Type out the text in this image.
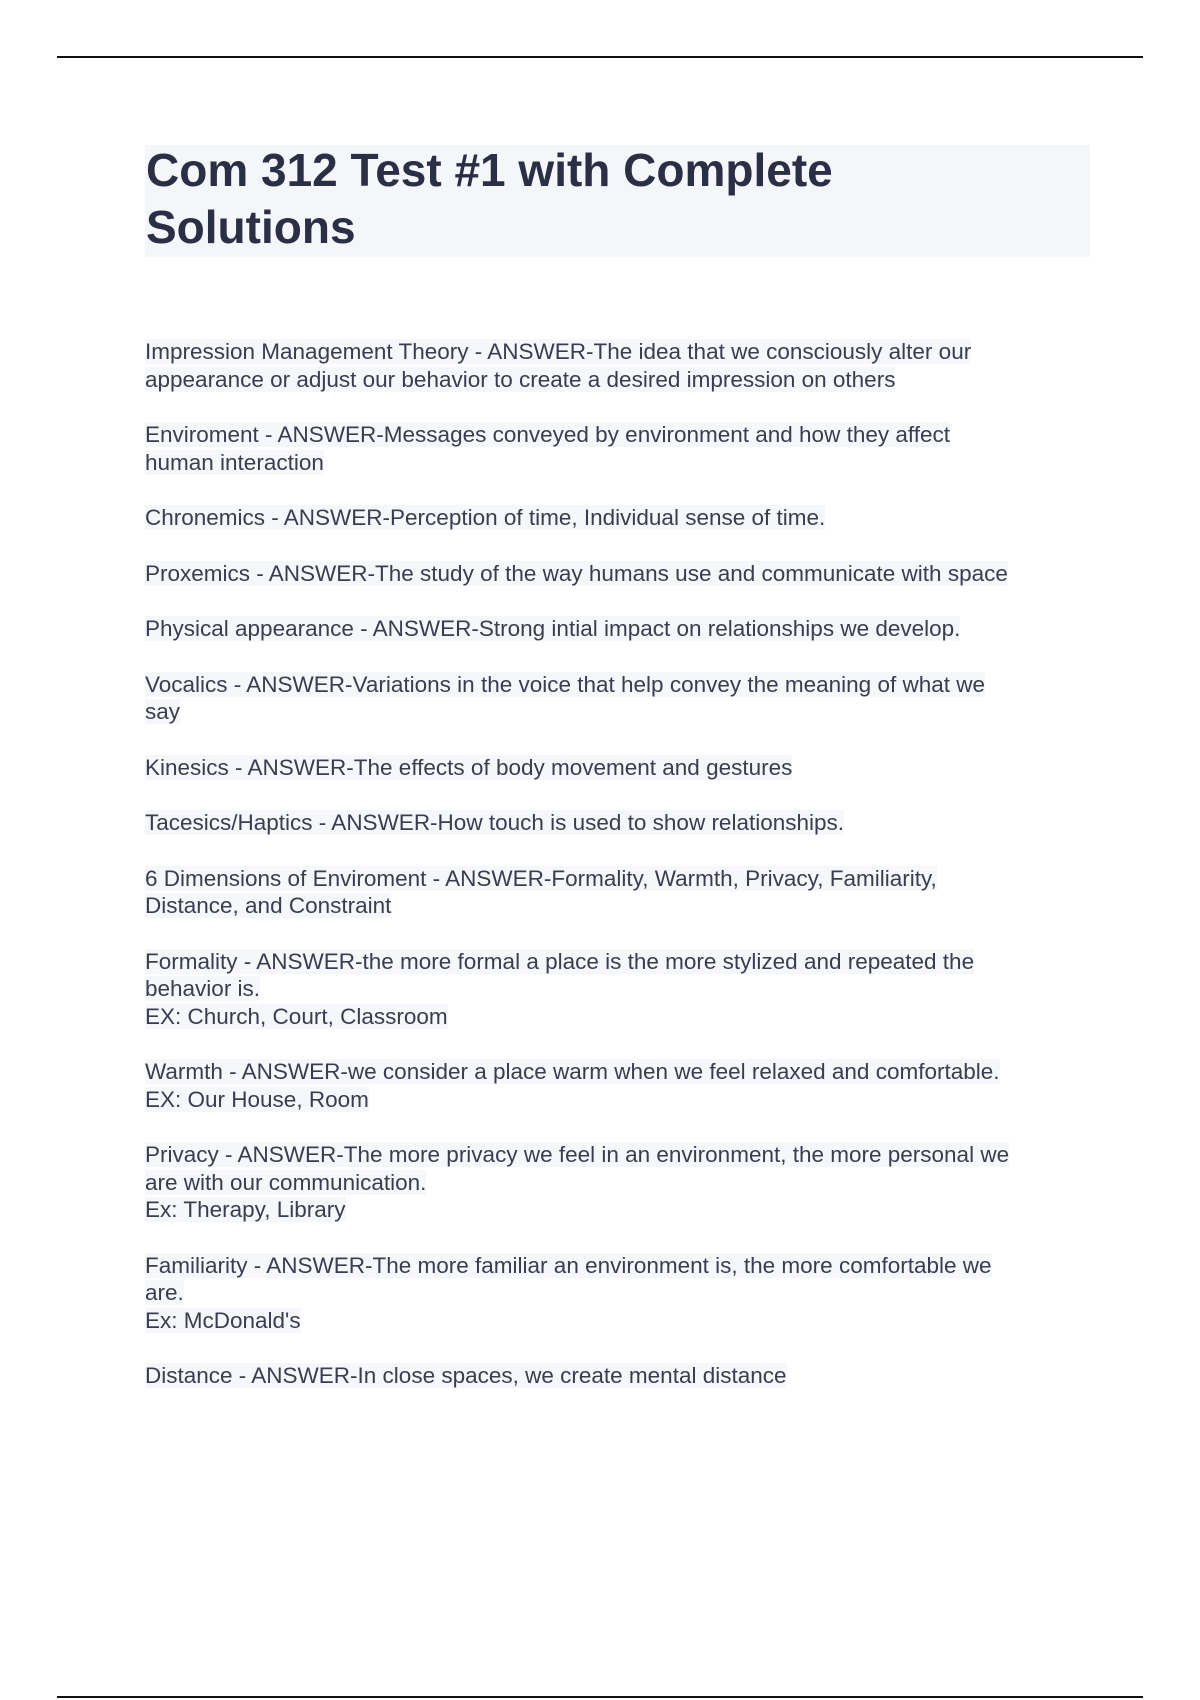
Com 312 Test #1 with Complete
Solutions
Impression Management Theory - ANSWER-The idea that we consciously alter our
appearance or adjust our behavior to create a desired impression on others
Enviroment - ANSWER-Messages conveyed by environment and how they affect
human interaction
Chronemics - ANSWER-Perception of time, Individual sense of time.
Proxemics - ANSWER-The study of the way humans use and communicate with space
Physical appearance - ANSWER-Strong intial impact on relationships we develop.
Vocalics - ANSWER-Variations in the voice that help convey the meaning of what we
say
Kinesics - ANSWER-The effects of body movement and gestures
Tacesics/Haptics - ANSWER-How touch is used to show relationships.
6 Dimensions of Enviroment - ANSWER-Formality, Warmth, Privacy, Familiarity,
Distance, and Constraint
Formality - ANSWER-the more formal a place is the more stylized and repeated the
behavior is.
EX: Church, Court, Classroom
Warmth - ANSWER-we consider a place warm when we feel relaxed and comfortable.
EX: Our House, Room
Privacy - ANSWER-The more privacy we feel in an environment, the more personal we
are with our communication.
Ex: Therapy, Library
Familiarity - ANSWER-The more familiar an environment is, the more comfortable we
are.
Ex: McDonald's
Distance - ANSWER-In close spaces, we create mental distance
